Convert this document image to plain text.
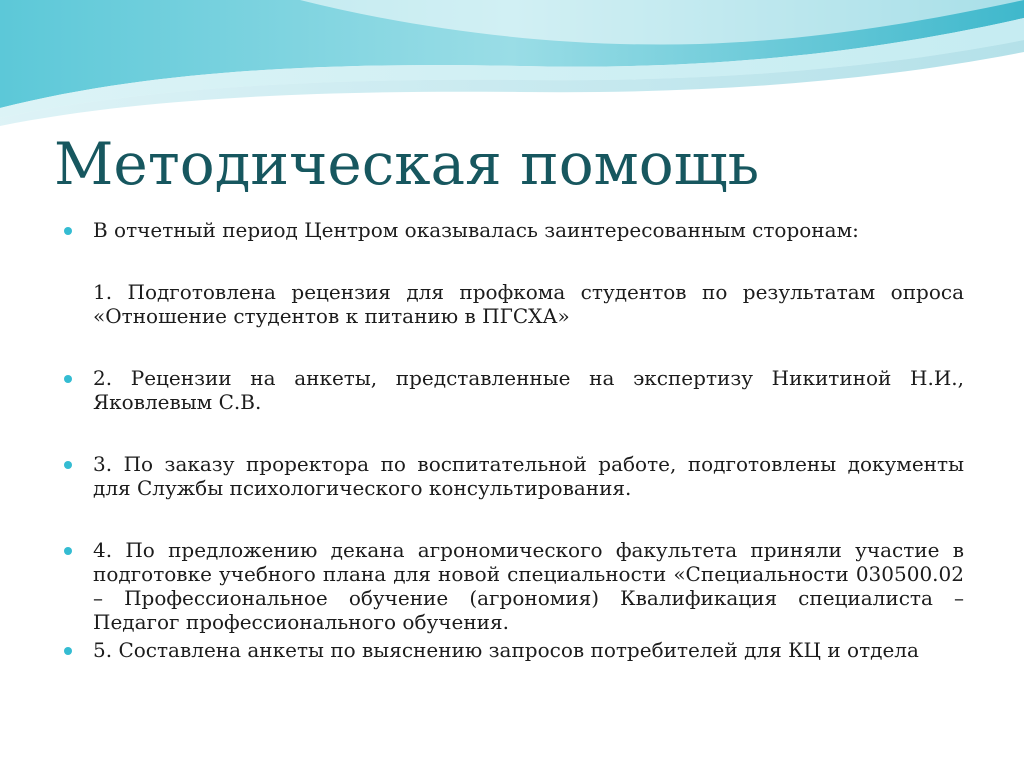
Методическая помощь

В отчетный период Центром оказывалась заинтересованным сторонам:

1. Подготовлена рецензия для профкома студентов по результатам опроса «Отношение студентов к питанию в ПГСХА»

2. Рецензии на анкеты, представленные на экспертизу Никитиной Н.И., Яковлевым С.В.

3. По заказу проректора по воспитательной работе, подготовлены документы для Службы психологического консультирования.

4. По предложению декана агрономического факультета приняли участие в подготовке учебного плана для новой специальности «Специальности 030500.02 – Профессиональное обучение (агрономия) Квалификация специалиста – Педагог профессионального обучения.

5. Составлена анкеты по выяснению запросов потребителей для КЦ и отдела
